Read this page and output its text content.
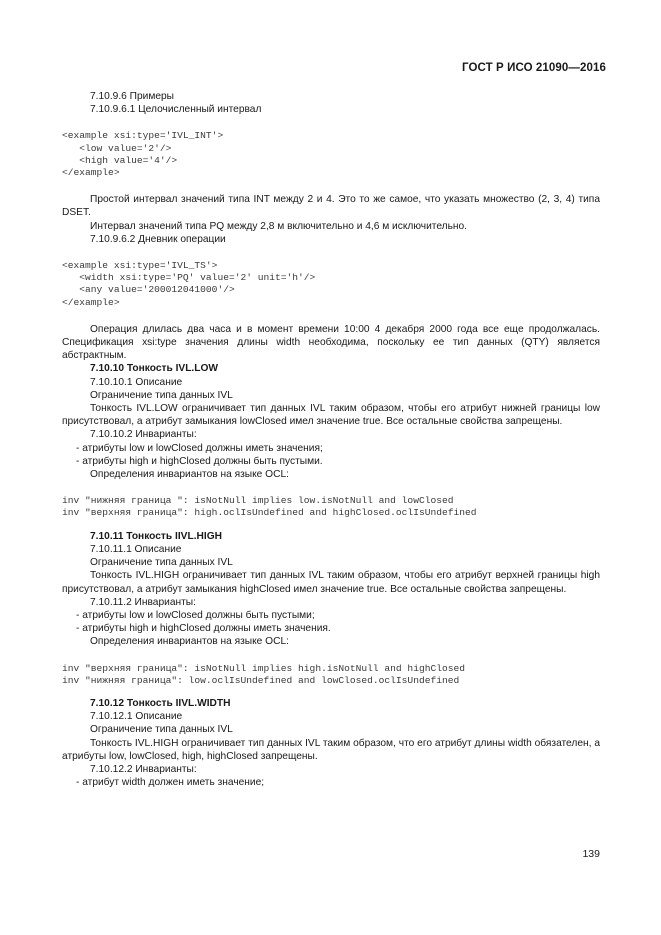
ГОСТ Р ИСО 21090—2016

7.10.9.6 Примеры

7.10.9.6.1 Целочисленный интервал

<example xsi:type='IVL_INT'>
<low value='2'/>
<high value='4'/>
</example>

Простой интервал значений типа INT между 2 и 4. Это то же самое, что указать множество (2, 3, 4) типа DSET.

Интервал значений типа PQ между 2,8 м включительно и 4,6 м исключительно.

7.10.9.6.2 Дневник операции

<example xsi:type='IVL_TS'>
<width xsi:type='PQ' value='2' unit='h'/>
<any value='200012041000'/>
</example>

Операция длилась два часа и в момент времени 10:00 4 декабря 2000 года все еще продолжалась. Спецификация xsi:type значения длины width необходима, поскольку ее тип данных (QTY) является абстрактным.

7.10.10 Тонкость IVL.LOW

7.10.10.1 Описание

Ограничение типа данных IVL

Тонкость IVL.LOW ограничивает тип данных IVL таким образом, чтобы его атрибут нижней границы low присутствовал, а атрибут замыкания lowClosed имел значение true. Все остальные свойства запрещены.

7.10.10.2 Инварианты:

- атрибуты low и lowClosed должны иметь значения;

- атрибуты high и highClosed должны быть пустыми.

Определения инвариантов на языке OCL:

inv "нижняя граница ": isNotNull implies low.isNotNull and lowClosed
inv "верхняя граница": high.oclIsUndefined and highClosed.oclIsUndefined

7.10.11 Тонкость IIVL.HIGH

7.10.11.1 Описание

Ограничение типа данных IVL

Тонкость IVL.HIGH ограничивает тип данных IVL таким образом, чтобы его атрибут верхней границы high присутствовал, а атрибут замыкания highClosed имел значение true. Все остальные свойства запрещены.

7.10.11.2 Инварианты:

- атрибуты low и lowClosed должны быть пустыми;

- атрибуты high и highClosed должны иметь значения.

Определения инвариантов на языке OCL:

inv "верхняя граница": isNotNull implies high.isNotNull and highClosed
inv "нижняя граница": low.oclIsUndefined and lowClosed.oclIsUndefined

7.10.12 Тонкость IIVL.WIDTH

7.10.12.1 Описание

Ограничение типа данных IVL

Тонкость IVL.HIGH ограничивает тип данных IVL таким образом, что его атрибут длины width обязателен, а атрибуты low, lowClosed, high, highClosed запрещены.

7.10.12.2 Инварианты:

- атрибут width должен иметь значение;

139
